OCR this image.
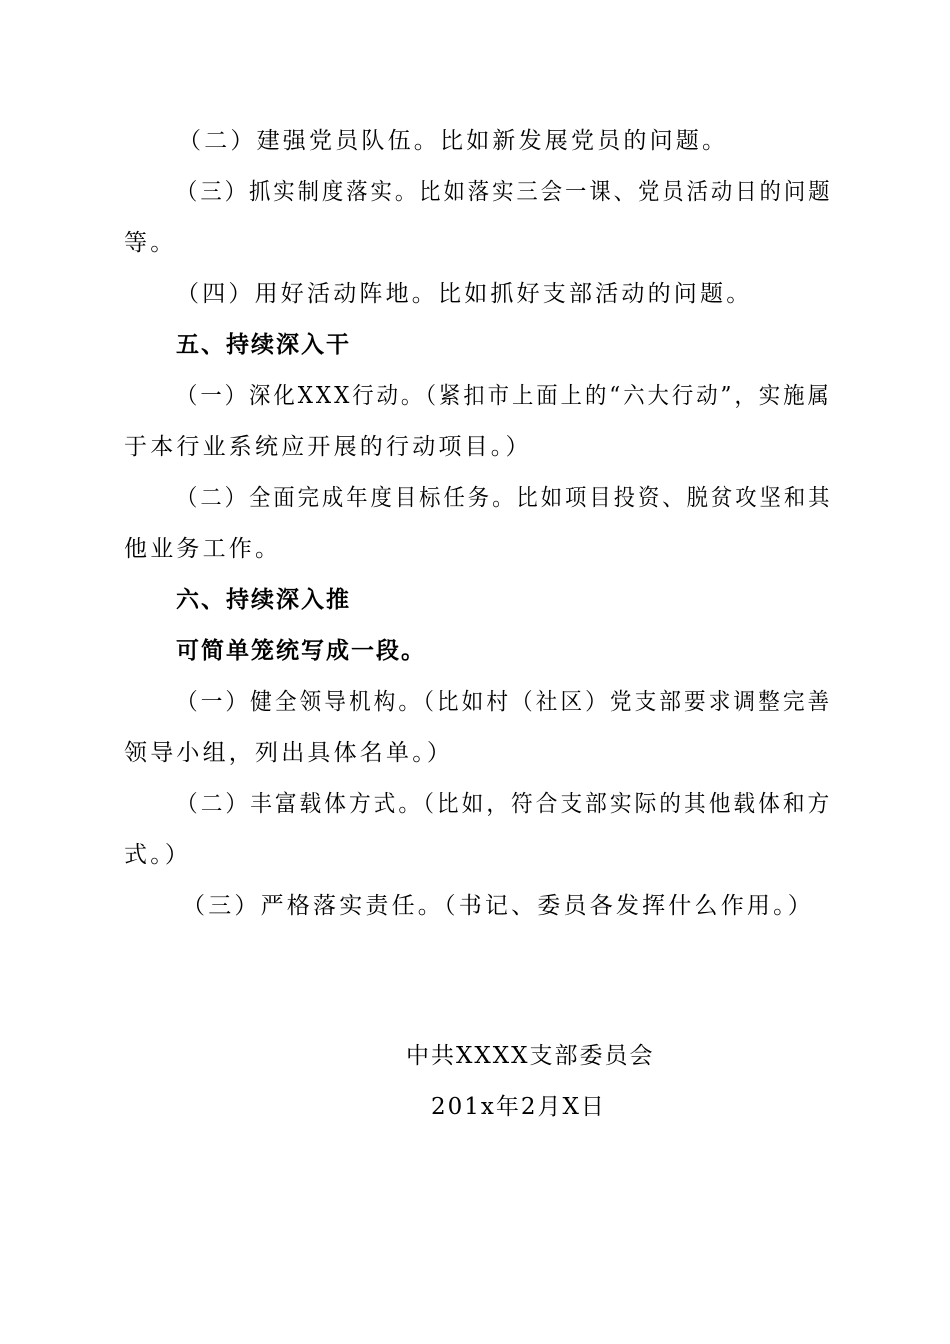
（二）建强党员队伍。比如新发展党员的问题。
（三）抓实制度落实。比如落实三会一课、党员活动日的问题
等。
（四）用好活动阵地。比如抓好支部活动的问题。
五、持续深入干
（一）深化XXX行动。（紧扣市上面上的“六大行动”，实施属
于本行业系统应开展的行动项目。）
（二）全面完成年度目标任务。比如项目投资、脱贫攻坚和其
他业务工作。
六、持续深入推
可简单笼统写成一段。
（一）健全领导机构。（比如村（社区）党支部要求调整完善
领导小组，列出具体名单。）
（二）丰富载体方式。（比如，符合支部实际的其他载体和方
式。）
（三）严格落实责任。（书记、委员各发挥什么作用。）
中共XXXX支部委员会
201x年2月X日
